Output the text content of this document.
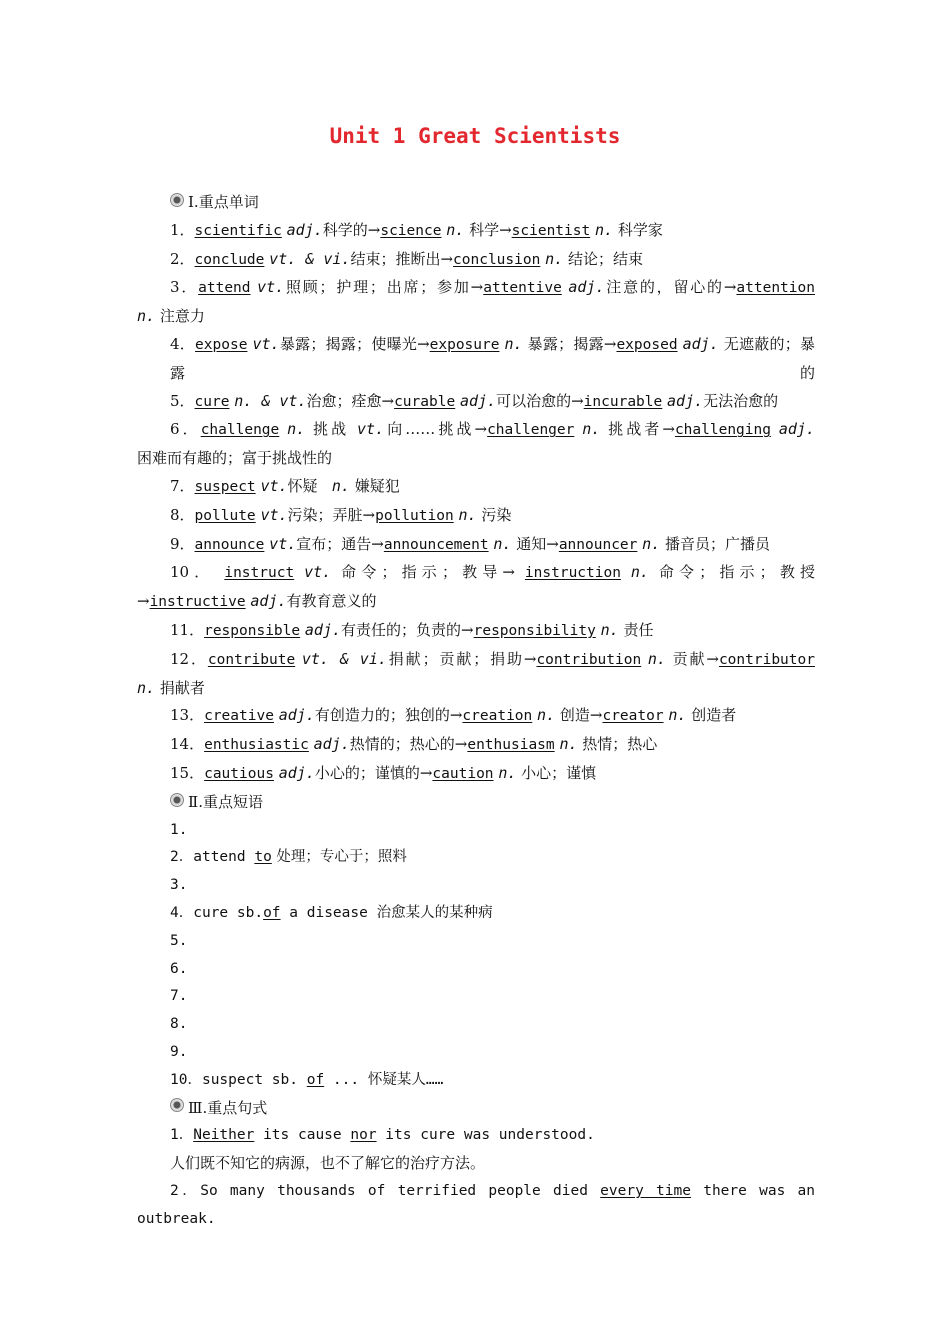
Unit 1 Great Scientists
Ⅰ.重点单词
1．scientific adj.科学的→science n. 科学→scientist n. 科学家
2．conclude vt. & vi.结束；推断出→conclusion n. 结论；结束
3．attend vt.照顾；护理；出席；参加→attentive adj.注意的，留心的→attention
n. 注意力
4．expose vt.暴露；揭露；使曝光→exposure n. 暴露；揭露→exposed adj. 无遮蔽的；暴露的
5．cure n. & vt.治愈；痊愈→curable adj.可以治愈的→incurable adj.无法治愈的
6．challenge n. 挑战 vt.向……挑战→challenger n. 挑战者→challenging adj.
困难而有趣的；富于挑战性的
7．suspect vt.怀疑 n. 嫌疑犯
8．pollute vt.污染；弄脏→pollution n. 污染
9．announce vt.宣布；通告→announcement n. 通知→announcer n. 播音员；广播员
10． instruct vt. 命令；指示；教导→ instruction n. 命令；指示；教授
→instructive adj.有教育意义的
11．responsible adj.有责任的；负责的→responsibility n. 责任
12．contribute vt. & vi.捐献；贡献；捐助→contribution n. 贡献→contributor
n. 捐献者
13．creative adj.有创造力的；独创的→creation n. 创造→creator n. 创造者
14．enthusiastic adj.热情的；热心的→enthusiasm n. 热情；热心
15．cautious adj.小心的；谨慎的→caution n. 小心；谨慎
Ⅱ.重点短语
1.
2．attend to 处理；专心于；照料
3.
4．cure sb.of a disease 治愈某人的某种病
5.
6.
7.
8.
9.
10．suspect sb. of ... 怀疑某人……
Ⅲ.重点句式
1．Neither its cause nor its cure was understood.
人们既不知它的病源，也不了解它的治疗方法。
2．So many thousands of terrified people died every time there was an
outbreak.
